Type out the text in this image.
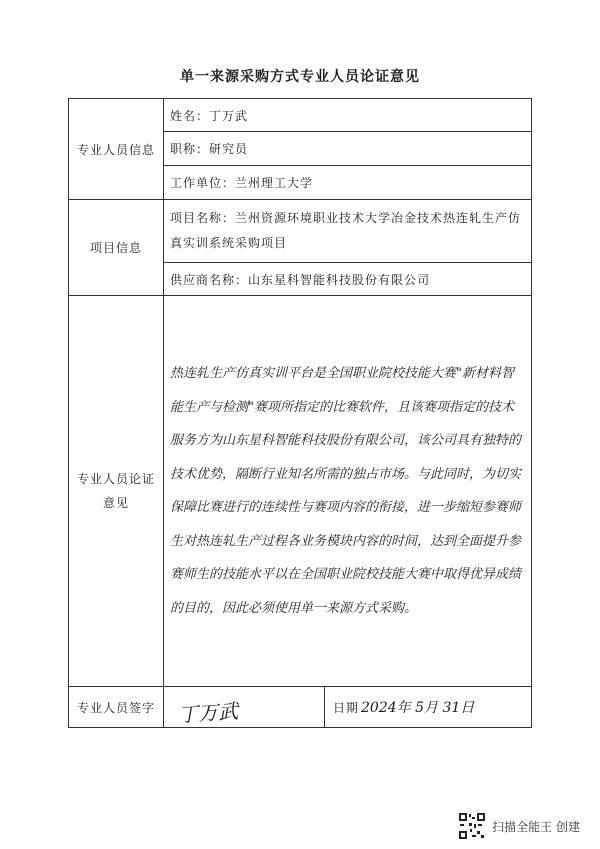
单一来源采购方式专业人员论证意见
专业人员信息	姓名：丁万武
	职称：研究员
	工作单位：兰州理工大学
项目信息	项目名称：兰州资源环境职业技术大学冶金技术热连轧生产仿真实训系统采购项目
	供应商名称：山东星科智能科技股份有限公司
专业人员论证意见	热连轧生产仿真实训平台是全国职业院校技能大赛"新材料智能生产与检测"赛项所指定的比赛软件，且该赛项指定的技术服务方为山东星科智能科技股份有限公司，该公司具有独特的技术优势，隔断行业知名所需的独占市场。与此同时，为切实保障比赛进行的连续性与赛项内容的衔接，进一步缩短参赛师生对热连轧生产过程各业务模块内容的时间，达到全面提升参赛师生的技能水平以在全国职业院校技能大赛中取得优异成绩的目的，因此必须使用单一来源方式采购。
专业人员签字	丁万武 日期 2024年 5月 31日
扫描全能王 创建
